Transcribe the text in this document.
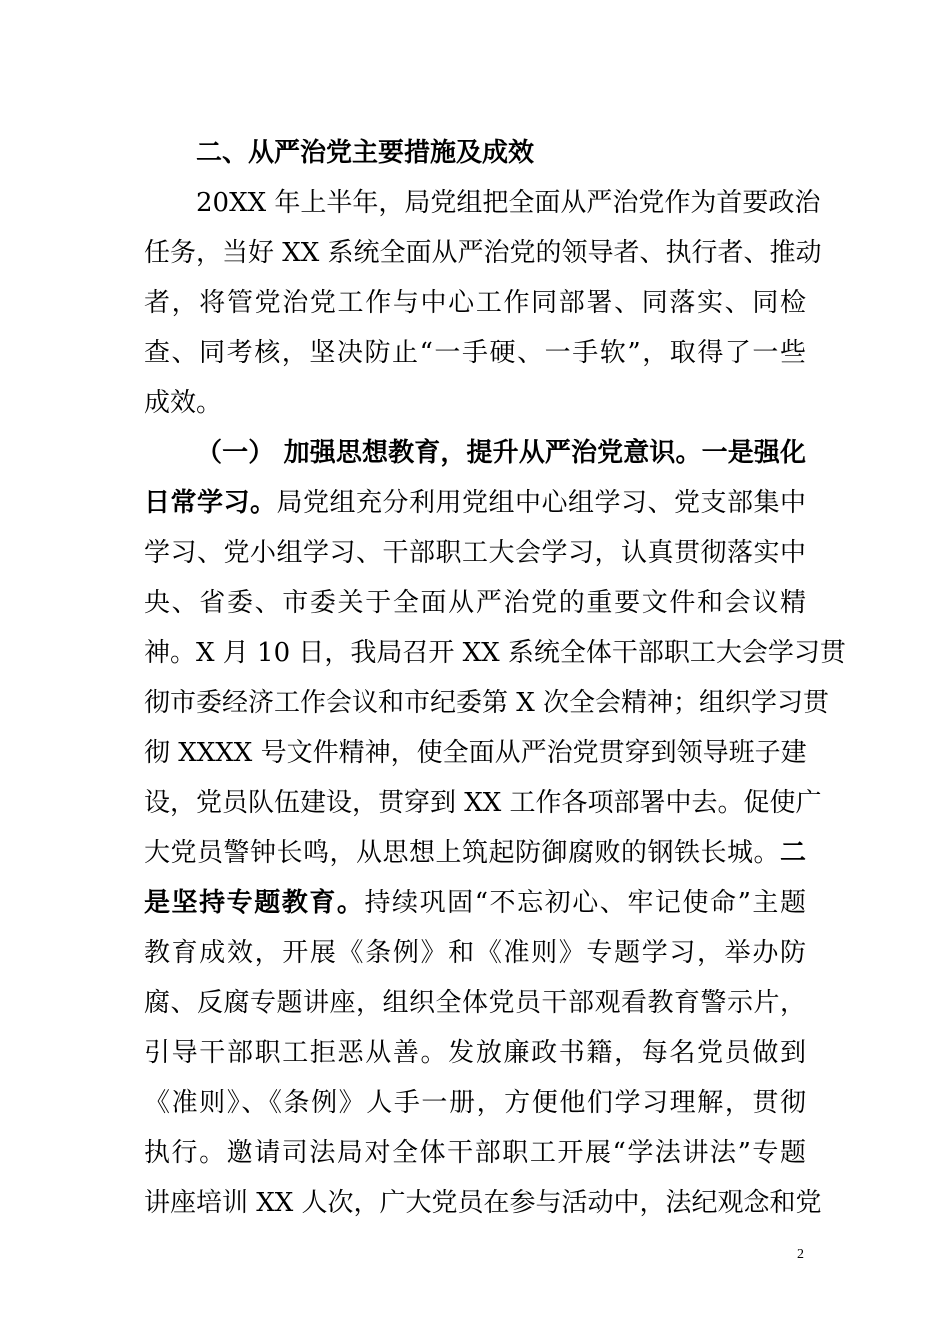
二、从严治党主要措施及成效
20XX 年上半年，局党组把全面从严治党作为首要政治
任务，当好 XX 系统全面从严治党的领导者、执行者、推动
者，将管党治党工作与中心工作同部署、同落实、同检
查、同考核，坚决防止“一手硬、一手软”，取得了一些
成效。
（一） 加强思想教育，提升从严治党意识。一是强化
日常学习。局党组充分利用党组中心组学习、党支部集中
学习、党小组学习、干部职工大会学习，认真贯彻落实中
央、省委、市委关于全面从严治党的重要文件和会议精
神。X 月 10 日，我局召开 XX 系统全体干部职工大会学习贯
彻市委经济工作会议和市纪委第 X 次全会精神；组织学习贯
彻 XXXX 号文件精神，使全面从严治党贯穿到领导班子建
设，党员队伍建设，贯穿到 XX 工作各项部署中去。促使广
大党员警钟长鸣，从思想上筑起防御腐败的钢铁长城。二
是坚持专题教育。持续巩固“不忘初心、牢记使命”主题
教育成效，开展《条例》和《准则》专题学习，举办防
腐、反腐专题讲座，组织全体党员干部观看教育警示片，
引导干部职工拒恶从善。发放廉政书籍，每名党员做到
《准则》、《条例》人手一册，方便他们学习理解，贯彻
执行。邀请司法局对全体干部职工开展“学法讲法”专题
讲座培训 XX 人次，广大党员在参与活动中，法纪观念和党
2
